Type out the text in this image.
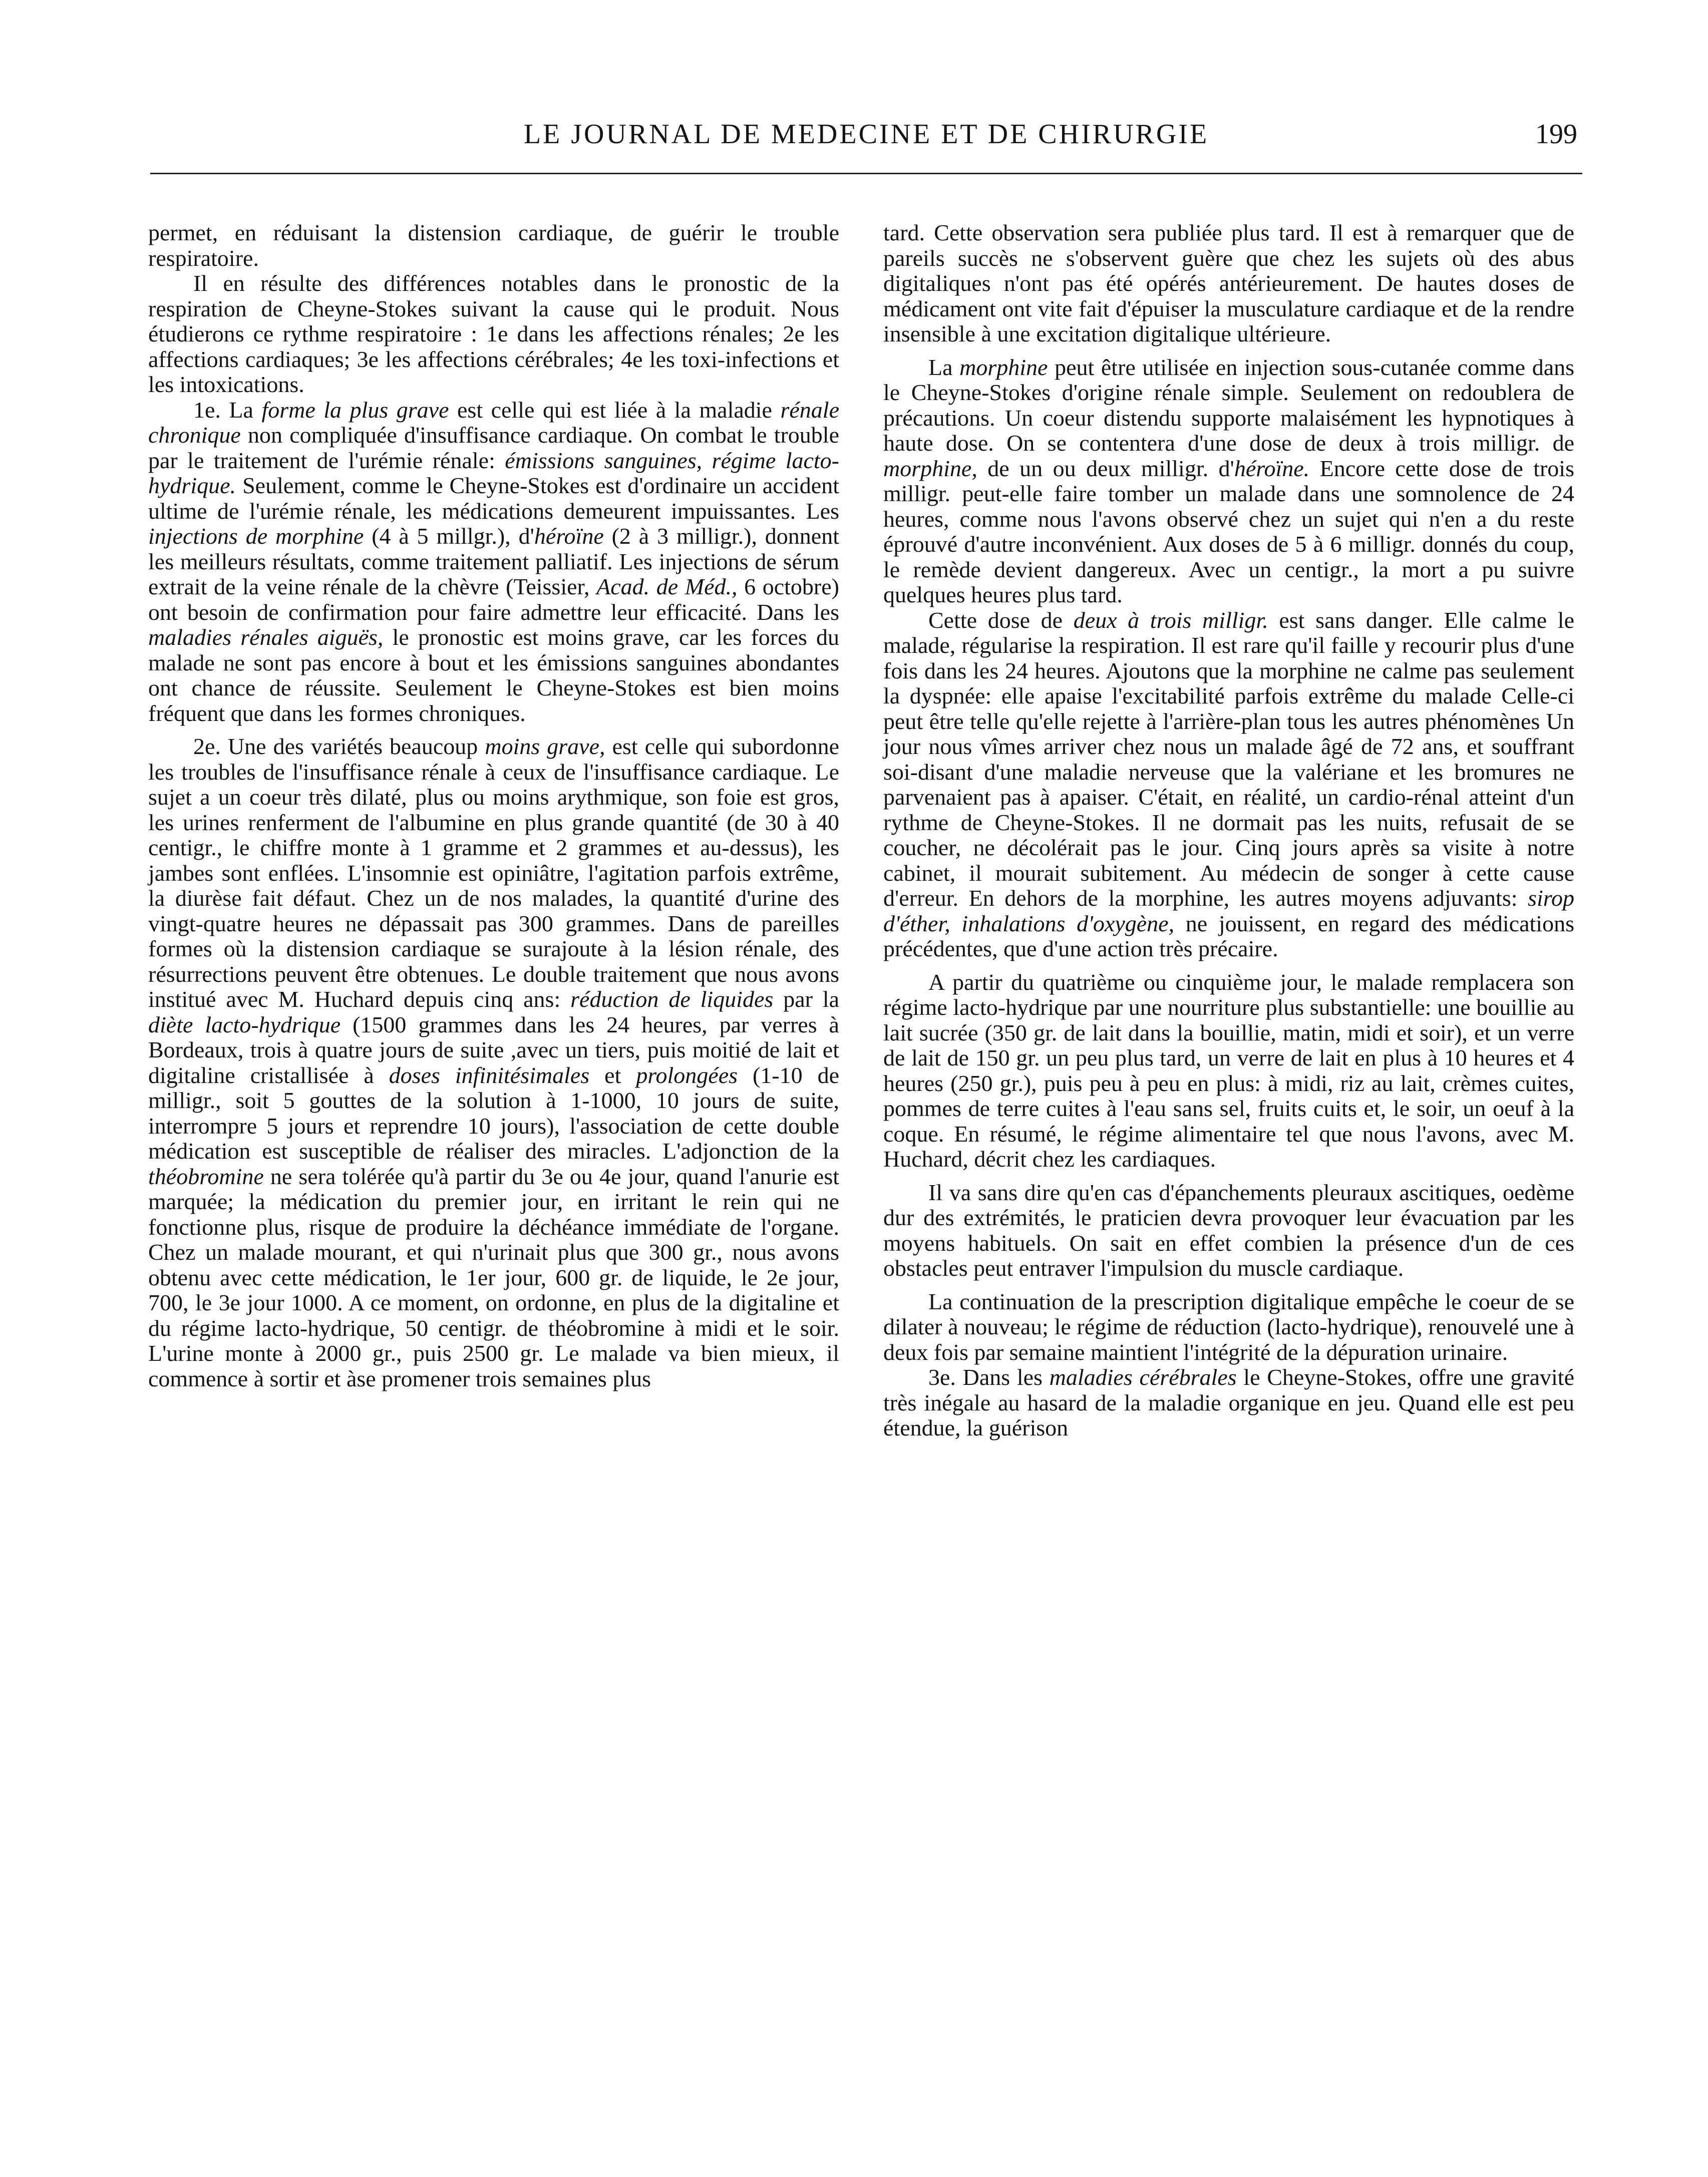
LE JOURNAL DE MEDECINE ET DE CHIRURGIE	199

permet, en réduisant la distension cardiaque, de guérir le trouble respiratoire.

Il en résulte des différences notables dans le pronostic de la respiration de Cheyne-Stokes suivant la cause qui le produit. Nous étudierons ce rythme respiratoire : 1e dans les affections rénales; 2e les affections cardiaques; 3e les affections cérébrales; 4e les toxi-infections et les intoxications.

1e. La forme la plus grave est celle qui est liée à la maladie rénale chronique non compliquée d'insuffisance cardiaque. On combat le trouble par le traitement de l'urémie rénale: émissions sanguines, régime lacto-hydrique. Seulement, comme le Cheyne-Stokes est d'ordinaire un accident ultime de l'urémie rénale, les médications demeurent impuissantes. Les injections de morphine (4 à 5 millgr.), d'héroïne (2 à 3 milligr.), donnent les meilleurs résultats, comme traitement palliatif. Les injections de sérum extrait de la veine rénale de la chèvre (Teissier, Acad. de Méd., 6 octobre) ont besoin de confirmation pour faire admettre leur efficacité. Dans les maladies rénales aiguës, le pronostic est moins grave, car les forces du malade ne sont pas encore à bout et les émissions sanguines abondantes ont chance de réussite. Seulement le Cheyne-Stokes est bien moins fréquent que dans les formes chroniques.

2e. Une des variétés beaucoup moins grave, est celle qui subordonne les troubles de l'insuffisance rénale à ceux de l'insuffisance cardiaque. Le sujet a un coeur très dilaté, plus ou moins arythmique, son foie est gros, les urines renferment de l'albumine en plus grande quantité (de 30 à 40 centigr., le chiffre monte à 1 gramme et 2 grammes et au-dessus), les jambes sont enflées. L'insomnie est opiniâtre, l'agitation parfois extrême, la diurèse fait défaut. Chez un de nos malades, la quantité d'urine des vingt-quatre heures ne dépassait pas 300 grammes. Dans de pareilles formes où la distension cardiaque se surajoute à la lésion rénale, des résurrections peuvent être obtenues. Le double traitement que nous avons institué avec M. Huchard depuis cinq ans: réduction de liquides par la diète lacto-hydrique (1500 grammes dans les 24 heures, par verres à Bordeaux, trois à quatre jours de suite ,avec un tiers, puis moitié de lait et digitaline cristallisée à doses infinitésimales et prolongées (1-10 de milligr., soit 5 gouttes de la solution à 1-1000, 10 jours de suite, interrompre 5 jours et reprendre 10 jours), l'association de cette double médication est susceptible de réaliser des miracles. L'adjonction de la théobromine ne sera tolérée qu'à partir du 3e ou 4e jour, quand l'anurie est marquée; la médication du premier jour, en irritant le rein qui ne fonctionne plus, risque de produire la déchéance immédiate de l'organe. Chez un malade mourant, et qui n'urinait plus que 300 gr., nous avons obtenu avec cette médication, le 1er jour, 600 gr. de liquide, le 2e jour, 700, le 3e jour 1000. A ce moment, on ordonne, en plus de la digitaline et du régime lacto-hydrique, 50 centigr. de théobromine à midi et le soir. L'urine monte à 2000 gr., puis 2500 gr. Le malade va bien mieux, il commence à sortir et àse promener trois semaines plus

tard. Cette observation sera publiée plus tard. Il est à remarquer que de pareils succès ne s'observent guère que chez les sujets où des abus digitaliques n'ont pas été opérés antérieurement. De hautes doses de médicament ont vite fait d'épuiser la musculature cardiaque et de la rendre insensible à une excitation digitalique ultérieure.

La morphine peut être utilisée en injection sous-cutanée comme dans le Cheyne-Stokes d'origine rénale simple. Seulement on redoublera de précautions. Un coeur distendu supporte malaisément les hypnotiques à haute dose. On se contentera d'une dose de deux à trois milligr. de morphine, de un ou deux milligr. d'héroïne. Encore cette dose de trois milligr. peut-elle faire tomber un malade dans une somnolence de 24 heures, comme nous l'avons observé chez un sujet qui n'en a du reste éprouvé d'autre inconvénient. Aux doses de 5 à 6 milligr. donnés du coup, le remède devient dangereux. Avec un centigr., la mort a pu suivre quelques heures plus tard.

Cette dose de deux à trois milligr. est sans danger. Elle calme le malade, régularise la respiration. Il est rare qu'il faille y recourir plus d'une fois dans les 24 heures. Ajoutons que la morphine ne calme pas seulement la dyspnée: elle apaise l'excitabilité parfois extrême du malade Celle-ci peut être telle qu'elle rejette à l'arrière-plan tous les autres phénomènes Un jour nous vîmes arriver chez nous un malade âgé de 72 ans, et souffrant soi-disant d'une maladie nerveuse que la valériane et les bromures ne parvenaient pas à apaiser. C'était, en réalité, un cardio-rénal atteint d'un rythme de Cheyne-Stokes. Il ne dormait pas les nuits, refusait de se coucher, ne décolérait pas le jour. Cinq jours après sa visite à notre cabinet, il mourait subitement. Au médecin de songer à cette cause d'erreur. En dehors de la morphine, les autres moyens adjuvants: sirop d'éther, inhalations d'oxygène, ne jouissent, en regard des médications précédentes, que d'une action très précaire.

A partir du quatrième ou cinquième jour, le malade remplacera son régime lacto-hydrique par une nourriture plus substantielle: une bouillie au lait sucrée (350 gr. de lait dans la bouillie, matin, midi et soir), et un verre de lait de 150 gr. un peu plus tard, un verre de lait en plus à 10 heures et 4 heures (250 gr.), puis peu à peu en plus: à midi, riz au lait, crèmes cuites, pommes de terre cuites à l'eau sans sel, fruits cuits et, le soir, un oeuf à la coque. En résumé, le régime alimentaire tel que nous l'avons, avec M. Huchard, décrit chez les cardiaques.

Il va sans dire qu'en cas d'épanchements pleuraux ascitiques, oedème dur des extrémités, le praticien devra provoquer leur évacuation par les moyens habituels. On sait en effet combien la présence d'un de ces obstacles peut entraver l'impulsion du muscle cardiaque.

La continuation de la prescription digitalique empêche le coeur de se dilater à nouveau; le régime de réduction (lacto-hydrique), renouvelé une à deux fois par semaine maintient l'intégrité de la dépuration urinaire.

3e. Dans les maladies cérébrales le Cheyne-Stokes, offre une gravité très inégale au hasard de la maladie organique en jeu. Quand elle est peu étendue, la guérison
